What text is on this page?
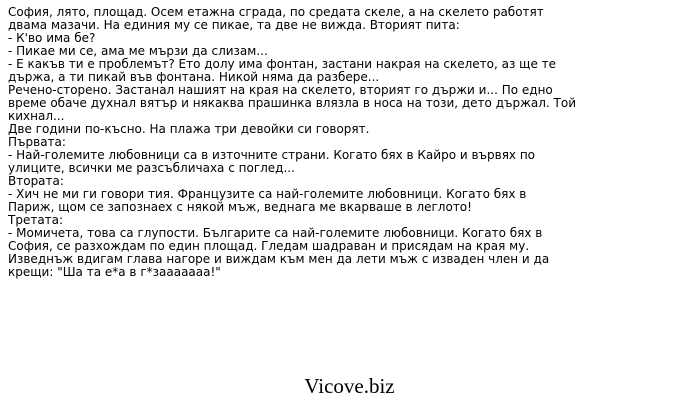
София, лято, площад. Осем етажна сграда, по средата скеле, а на скелето работят
двама мазачи. На единия му се пикае, та две не вижда. Вторият пита:
- К'во има бе?
- Пикае ми се, ама ме мързи да слизам...
- Е какъв ти е проблемът? Ето долу има фонтан, застани накрая на скелето, аз ще те
държа, а ти пикай във фонтана. Никой няма да разбере...
Речено-сторено. Застанал нашият на края на скелето, вторият го държи и... По едно
време обаче духнал вятър и някаква прашинка влязла в носа на този, дето държал. Той
кихнал...
Две години по-късно. На плажа три девойки си говорят.
Първата:
- Най-големите любовници са в източните страни. Когато бях в Кайро и вървях по
улиците, всички ме разсъбличаха с поглед...
Втората:
- Хич не ми ги говори тия. Французите са най-големите любовници. Когато бях в
Париж, щом се запознаех с някой мъж, веднага ме вкарваше в леглото!
Третата:
- Момичета, това са глупости. Българите са най-големите любовници. Когато бях в
София, се разхождам по един площад. Гледам шадраван и присядам на края му.
Изведнъж вдигам глава нагоре и виждам към мен да лети мъж с изваден член и да
крещи: "Ша та е*а в г*зааааааа!"
Vicove.biz
